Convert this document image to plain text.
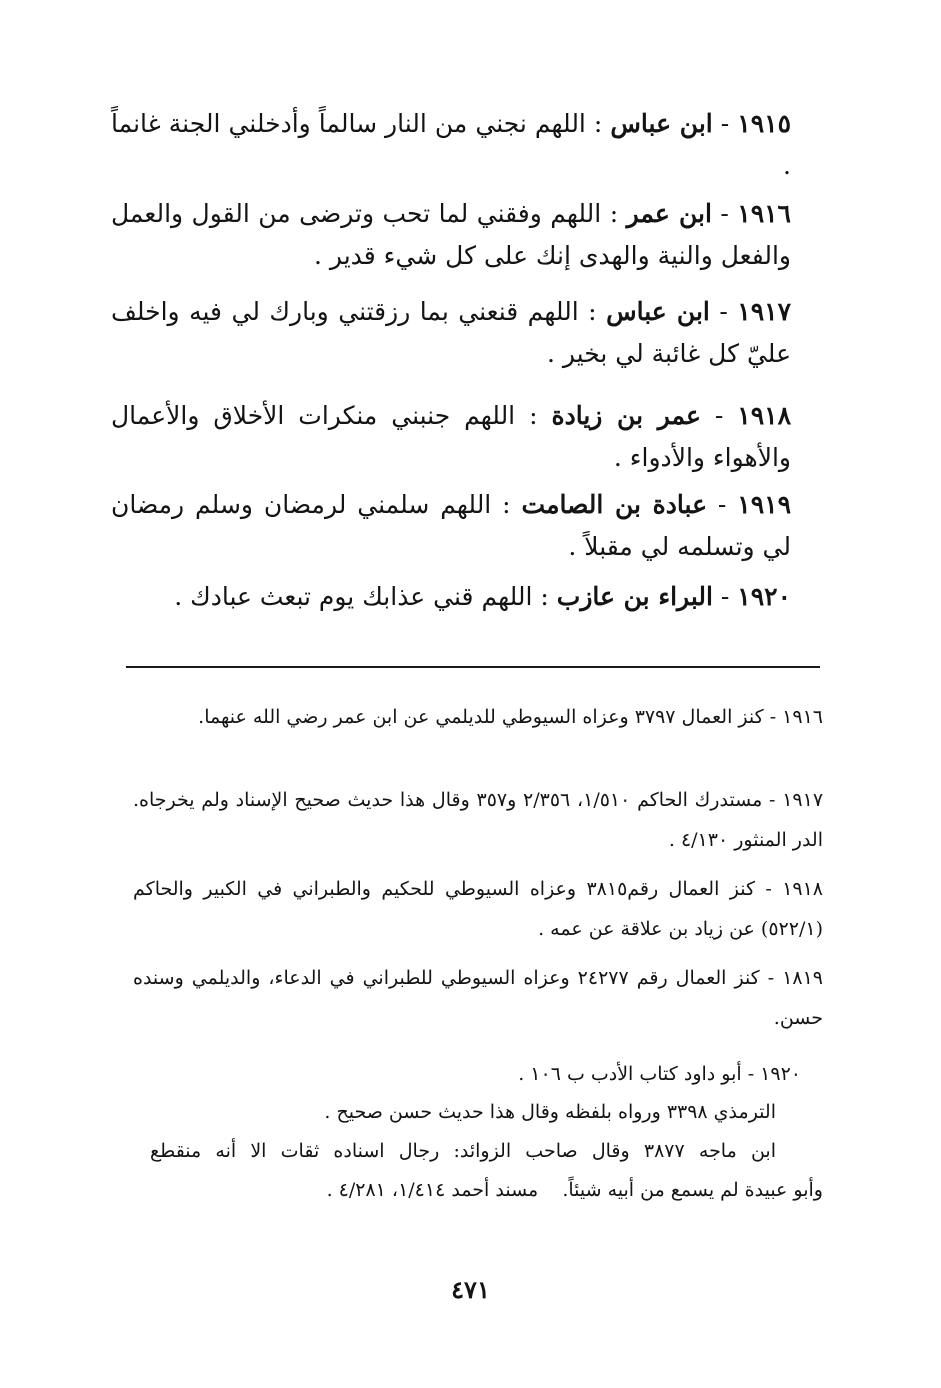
١٩١٥ - ابن عباس : اللهم نجني من النار سالماً وأدخلني الجنة غانماً .
١٩١٦ - ابن عمر : اللهم وفقني لما تحب وترضى من القول والعمل والفعل والنية والهدى إنك على كل شيء قدير .
١٩١٧ - ابن عباس : اللهم قنعني بما رزقتني وبارك لي فيه واخلف عليّ كل غائبة لي بخير .
١٩١٨ - عمر بن زيادة : اللهم جنبني منكرات الأخلاق والأعمال والأهواء والأدواء .
١٩١٩ - عبادة بن الصامت : اللهم سلمني لرمضان وسلم رمضان لي وتسلمه لي مقبلاً .
١٩٢٠ - البراء بن عازب : اللهم قني عذابك يوم تبعث عبادك .
١٩١٦ - كنز العمال ٣٧٩٧ وعزاه السيوطي للديلمي عن ابن عمر رضي الله عنهما.
١٩١٧ - مستدرك الحاكم ١/٥١٠، ٢/٣٥٦ و٣٥٧ وقال هذا حديث صحيح الإسناد ولم يخرجاه.     الدر المنثور ٤/١٣٠ .
١٩١٨ - كنز العمال رقم٣٨١٥ وعزاه السيوطي للحكيم والطبراني في الكبير والحاكم (٥٢٢/١) عن زياد بن علاقة عن عمه .
١٨١٩ - كنز العمال رقم ٢٤٢٧٧ وعزاه السيوطي للطبراني في الدعاء، والديلمي وسنده حسن.
١٩٢٠ - أبو داود كتاب الأدب ب ١٠٦ .
الترمذي ٣٣٩٨ ورواه بلفظه وقال هذا حديث حسن صحيح .
ابن ماجه ٣٨٧٧ وقال صاحب الزوائد: رجال اسناده ثقات الا أنه منقطع
وأبو عبيدة لم يسمع من أبيه شيئاً.    مسند أحمد ١/٤١٤، ٤/٢٨١ .
٤٧١
